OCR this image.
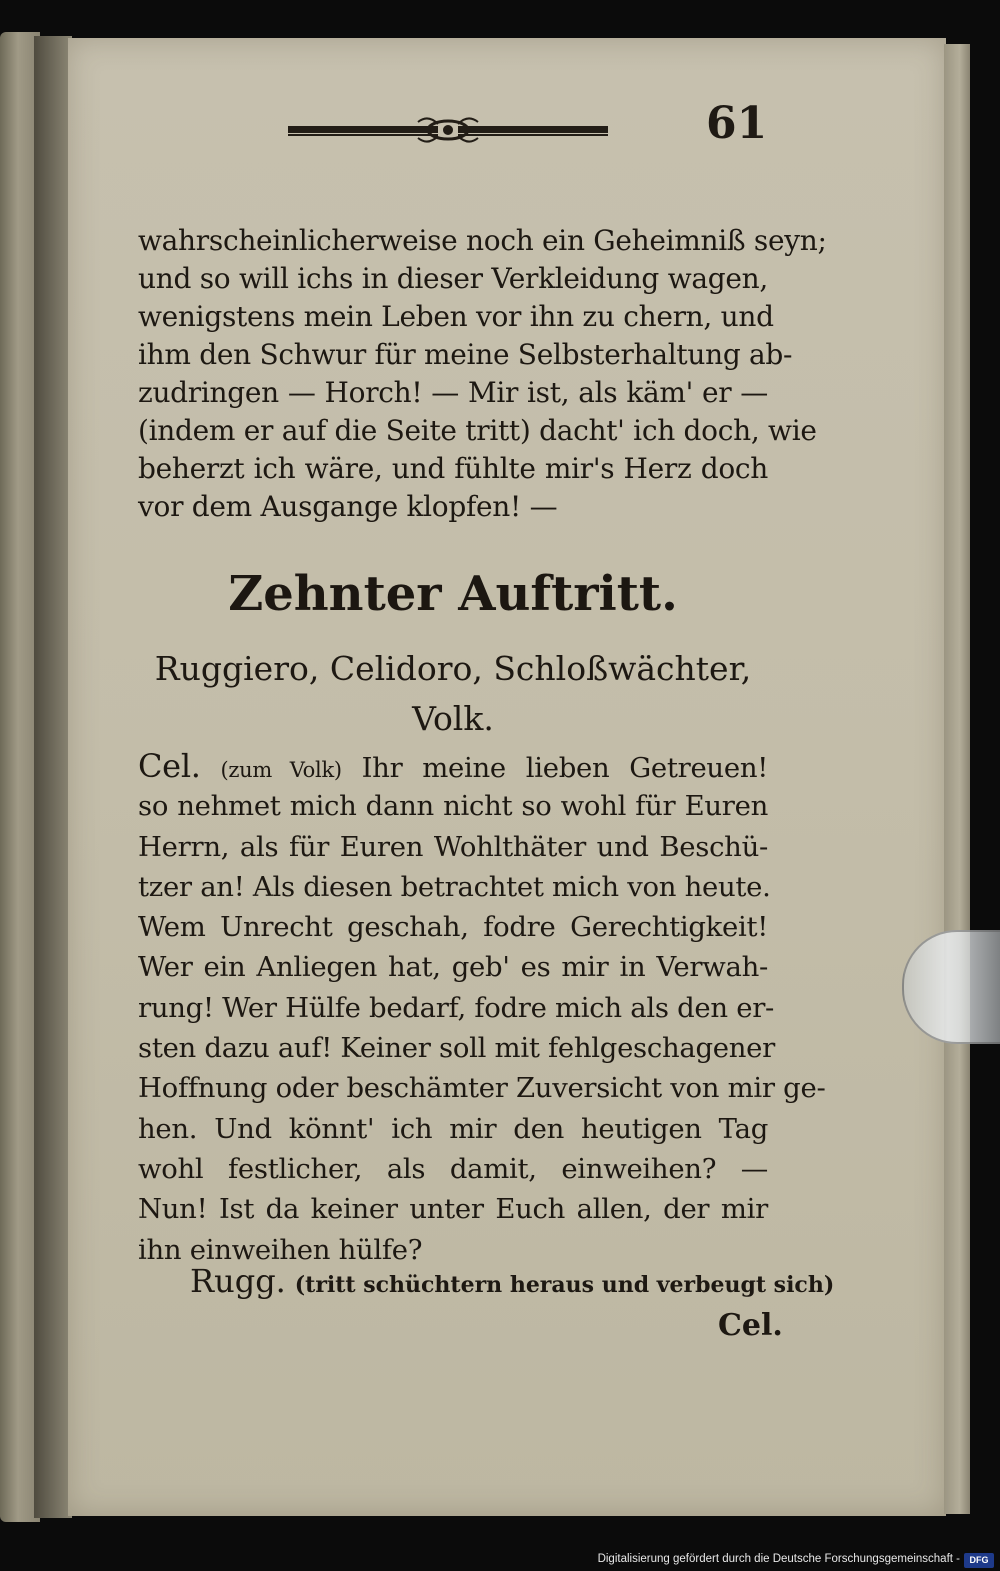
61
wahrscheinlicherweise noch ein Geheimniß seyn;
und so will ichs in dieser Verkleidung wagen,
wenigstens mein Leben vor ihn zu chern, und
ihm den Schwur für meine Selbsterhaltung ab-
zudringen — Horch! — Mir ist, als käm' er —
(indem er auf die Seite tritt) dacht' ich doch, wie
beherzt ich wäre, und fühlte mir's Herz doch
vor dem Ausgange klopfen! —
Zehnter Auftritt.
Ruggiero, Celidoro, Schloßwächter,
Volk.
Cel. (zum Volk) Ihr meine lieben Getreuen!
so nehmet mich dann nicht so wohl für Euren
Herrn, als für Euren Wohlthäter und Beschü-
tzer an! Als diesen betrachtet mich von heute.
Wem Unrecht geschah, fodre Gerechtigkeit!
Wer ein Anliegen hat, geb' es mir in Verwah-
rung! Wer Hülfe bedarf, fodre mich als den er-
sten dazu auf! Keiner soll mit fehlgeschagener
Hoffnung oder beschämter Zuversicht von mir ge-
hen. Und könnt' ich mir den heutigen Tag
wohl festlicher, als damit, einweihen? —
Nun! Ist da keiner unter Euch allen, der mir
ihn einweihen hülfe?
Rugg. (tritt schüchtern heraus und verbeugt sich)
Cel.
Digitalisierung gefördert durch die Deutsche Forschungsgemeinschaft -	DFG
